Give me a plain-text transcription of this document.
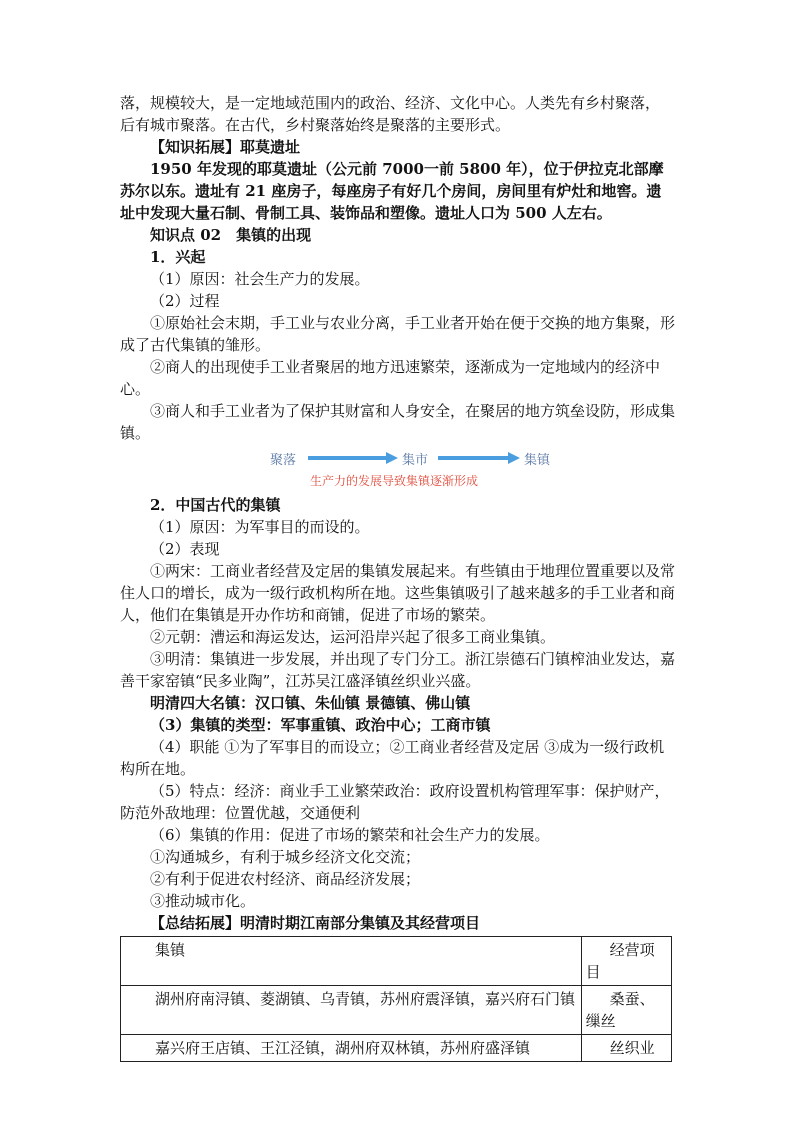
落，规模较大，是一定地域范围内的政治、经济、文化中心。人类先有乡村聚落，
后有城市聚落。在古代，乡村聚落始终是聚落的主要形式。

【知识拓展】耶莫遗址

1950 年发现的耶莫遗址（公元前 7000一前 5800 年），位于伊拉克北部摩苏尔以东。遗址有 21 座房子，每座房子有好几个房间，房间里有炉灶和地窖。遗址中发现大量石制、骨制工具、装饰品和塑像。遗址人口为 500 人左右。

知识点 02　集镇的出现

1．兴起

（1）原因：社会生产力的发展。

（2）过程

①原始社会末期，手工业与农业分离，手工业者开始在便于交换的地方集聚，形成了古代集镇的雏形。

②商人的出现使手工业者聚居的地方迅速繁荣，逐渐成为一定地域内的经济中心。

③商人和手工业者为了保护其财富和人身安全，在聚居的地方筑垒设防，形成集镇。

聚落	集市	集镇
生产力的发展导致集镇逐渐形成

2．中国古代的集镇

（1）原因：为军事目的而设的。

（2）表现

①两宋：工商业者经营及定居的集镇发展起来。有些镇由于地理位置重要以及常住人口的增长，成为一级行政机构所在地。这些集镇吸引了越来越多的手工业者和商人，他们在集镇是开办作坊和商铺，促进了市场的繁荣。

②元朝：漕运和海运发达，运河沿岸兴起了很多工商业集镇。

③明清：集镇进一步发展，并出现了专门分工。浙江崇德石门镇榨油业发达，嘉善干家窑镇“民多业陶”，江苏吴江盛泽镇丝织业兴盛。

明清四大名镇：汉口镇、朱仙镇 景德镇、佛山镇

（3）集镇的类型：军事重镇、政治中心；工商市镇

（4）职能 ①为了军事目的而设立；②工商业者经营及定居 ③成为一级行政机构所在地。

（5）特点：经济：商业手工业繁荣政治：政府设置机构管理军事：保护财产，防范外敌地理：位置优越，交通便利

（6）集镇的作用：促进了市场的繁荣和社会生产力的发展。

①沟通城乡，有利于城乡经济文化交流；

②有利于促进农村经济、商品经济发展；

③推动城市化。

【总结拓展】明清时期江南部分集镇及其经营项目

集镇	经营项目
湖州府南浔镇、菱湖镇、乌青镇，苏州府震泽镇，嘉兴府石门镇	桑蚕、缫丝
嘉兴府王店镇、王江泾镇，湖州府双林镇，苏州府盛泽镇	丝织业
